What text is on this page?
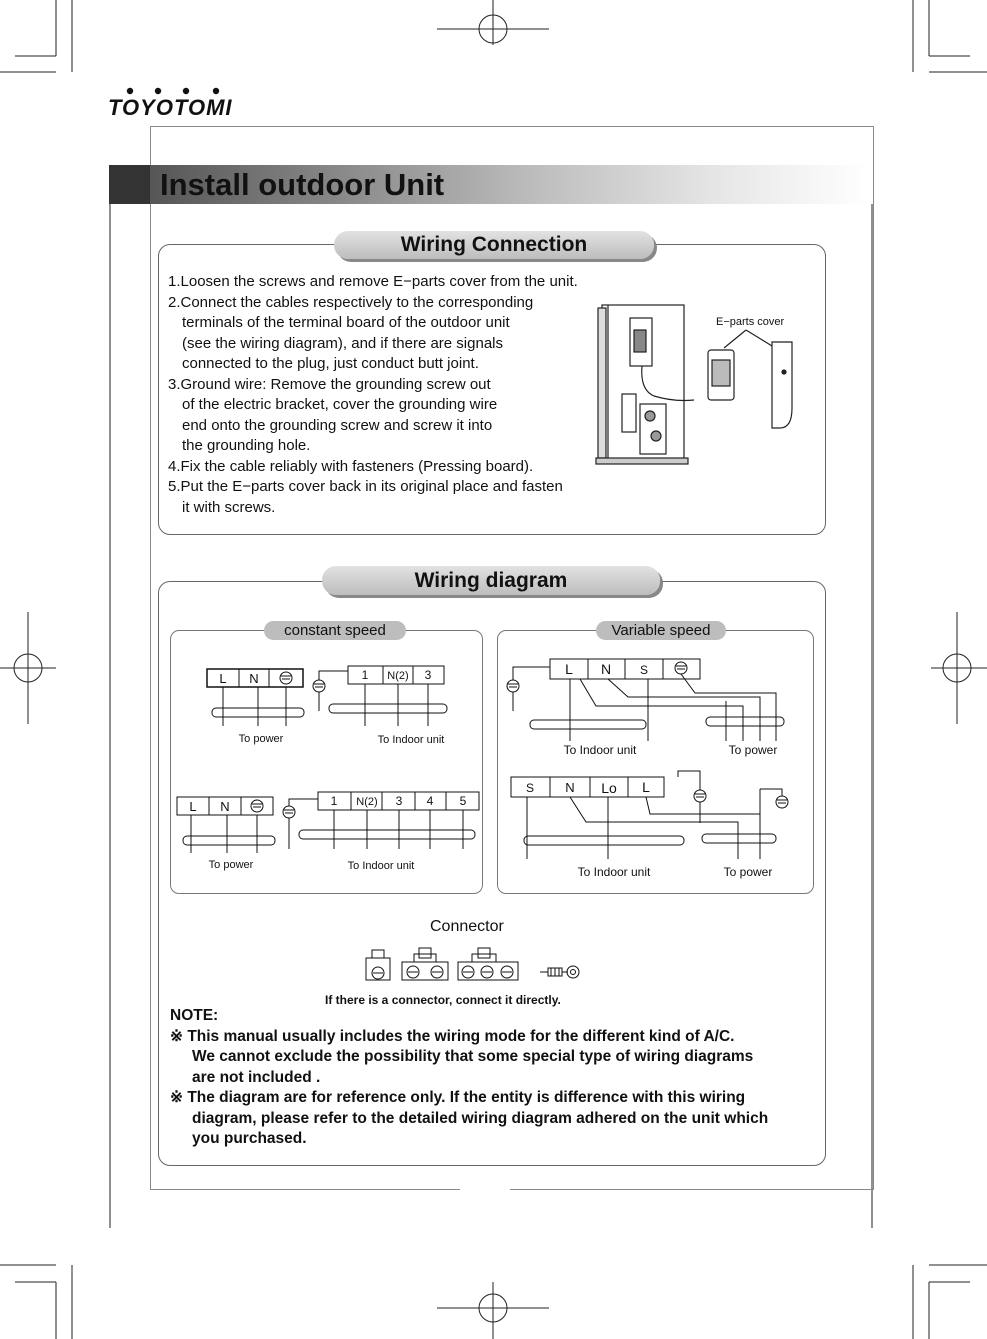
TOYOTOMI
Install outdoor Unit
Wiring Connection

1.Loosen the screws and remove E−parts cover from the unit.

2.Connect the cables respectively to the corresponding

terminals of the terminal board of the outdoor unit

(see the wiring diagram), and if there are signals

connected to the plug, just conduct butt joint.

3.Ground wire: Remove the grounding screw out

of the electric bracket, cover the grounding wire

end onto the grounding screw and screw it into

the grounding hole.

4.Fix the cable reliably with fasteners (Pressing board).

5.Put the E−parts cover back in its original place and fasten

it with screws.

E−parts cover
Wiring diagram
constant speed
L N	1 N(2) 3
L N	1 N(2) 3 4 5
To power	To Indoor unit
To power	To Indoor unit
Variable speed
L N S
S N Lo L
To Indoor unit	To power
To Indoor unit	To power
Connector
If there is a connector, connect it directly.

NOTE:

※ This manual usually includes the wiring mode for the different kind of A/C.

We cannot exclude the possibility that some special type of wiring diagrams

are not included .

※ The diagram are for reference only. If the entity is difference with this wiring

diagram, please refer to the detailed wiring diagram adhered on the unit which

you purchased.
